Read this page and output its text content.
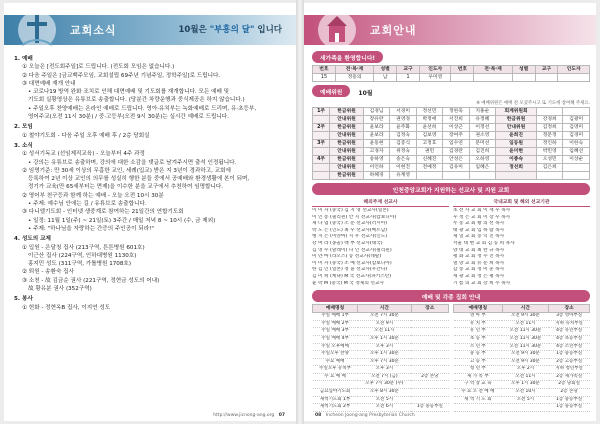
교회소식	10월은 "부흥의 달" 입니다
1. 예배
① 오늘은 [전도회주일]로 드립니다. (전도회 모임은 없습니다.)
② 다음 주일은 [금교백주모임, 교회설립 69주년 기념주일, 정학주일]로 드립니다.
③ 대면예배 재개 안내
• 코로나19 방역 완화 조치로 인해 대면예배 및 기도회를 재개합니다. 모든 예배 및
기도회 실황영상은 유튜브로 송출합니다. (당분간 차량운행과 중식제공은 하지 않습니다.)
• 주일오후 찬양예배는 온라인 예배로 드립니다. 영아·유치부는 녹화예배로 드리며, 유·초등부,
영어주교(오전 11시 30분) / 중·고등부(오전 9시 30분)는 실시간 예배로 드립니다.
2. 모임
① 철야기도회 - 다음 주일 오후 예배 후 / 2층 당회실
3. 소식
① 성서기독교 (선임제직교육) - 오늘부터 4주 과정
• 강의는 유튜브로 송출하며, 강의에 대한 소감을 댓글로 남겨주시면 출석 인정됩니다.
② 임명기준: 만 30세 이상의 무흠한 교인, 세례(입교) 받은 지 3년이 경과하고, 교회에
등록하여 2년 이상 교인의 의무를 성실히 행한 분들 중에서 공예배와 환경생활에 본이 되며,
정기가 교육(만 65세부터는 면제)을 이수한 분을 교구에서 추천하여 임명합니다.
② 영어부 천구등과 함께 하는 예배 - 오늘 오전 10시 30분
• 주제: 예수님 안에는 길 / 유튜브로 송출합니다.
③ 다니엘기도회 - 인터넷 생중계로 참여하는 21일간의 연합기도회
• 일정: 11월 1일(주) ~ 21일(토) 3주간 / 매일 저녁 8 ~ 10시 (수, 금 제외)
• 주제: "하나님을 자랑하는 간증의 주인공이 되라!"
4. 성도의 교제
① 입원 - 은달청 집사 (213구역, 튼튼병원 601호)
이근산 집사 (224구역, 인하대병원 1130호)
홍지민 성도 (311구역, 가톨병원 1708호)
② 퇴원 - 송환숙 집사
③ 소천 - 故 김금순 권사 (221구역, 정현금 성도의 어내)
故 황유분 권사 (352구역)
5. 봉사
① 헌화 - 정현옥B 집사, 이지연 성도
http://www.jicnong-ang.org 07
교회안내
새가족을 환영합니다!
번호	전·목·재	성별	교구	인도자	번호	전·목·재	성별	교구	인도자
15	정동의	남	1	우미영					
예배위원	10월
※ 예배위원은 예배 전 모셨주시고 또 기도에 참여해 주세요.
1주	한금위원	김경님	서경미	정선민	정한욱	지홍순	회계위원회		
	안내위원	장유란	권영경	박정애	서진희	유정혜	한금위원	강경희	김광미
2주	한금위원	윤보라	윤주화	윤선희	이상근	이정선	안내위원	김정희	김영미
	안내위원	윤보라	김정숙	김보영	장여주	권소영	윤희진	정문정	김경미
3주	한금위원	윤동현	김증식	고정호	임수연	문미선	임동원	정인하	이한숙
	안내위원	고경자	위정숙	권민	김경란	김진희	윤미현	박민영	임혜선
4주	한금위원	송하영	송은숙	신혜진	안성은	오하영	이종숙	오성민	이상순
	안내위원	이인하	이현진	전예정	김유미	임혜은	정선희	김은희	
	한금위원	하혜경	유계영						
인천중앙교회가 지원하는 선교사 및 지원 교회
해외주재 선교사
이 미 자 (중국) 김 지 영 선교사(일본)
이 인 봉 (필리핀) 안 지 선교사(캄보디아)
제 나 엽 (중국) 소 문 선교사(러시아)
박 도 은 (인도) 최 우 선교사(베트남)
병 지 은 (미얀마) 지 우 선교사(인도)
강 여 라 (몽골) 백 부 선교사(태국)
김 영 수 (말레이) 다 인 선교사(필리핀)
미 얀 마 (라오스) 동 선교사(네팔)
이 미 자 (중국) 조 예 선교사(캄보디아)
한 김 인 (일본) 정 윤 선교사(우간다)
김 미 희 (케냐) M 국 선교사(파키스탄)
윤 박 M (중국) M 국 정제의 선교사
국내교회 및 해외 선교기관
초 선 사 교 회 이 재 우 목사
우 정 은 교 회 이 장 우 목사
두 봉 교 회 황 의 선 목사
태 광 교 회 임 하 람 목사
제 일 교 회 송 덕 진 목사
서울 대 현 교 회 김 동 희 목사
양 대 교 회 최 완 규 목사
평 화 교 회 정 수 진 목사
열 망 교 회 유 문 희 목사
감 송 교 회 정 미 준 목사
세 광 교 회 정 은 평 목사
기 쁨 의 교 회 강 희 수 목사
예배 및 각종 집회 안내
예배명칭	시간	장소
주일 예배 1부	오전 7시 30분	
주일 예배 2부	오전 9시	
주일 예배 3부	오전 11시	
주일 예배 4부	오후 1시 30분	
주일 오후예배	오후 3시	
주일오후 찬양	오후 1시 30분	
수요 예배	오후 7시 30분	
주일오후 유치부	오후 3시	
수 요 예 배	오전 7시 (금)	2층 본당
	오후 7시 30분 (수)	
금요심야기도회	오후 8시 30분	
새벽기도회 1부	오전 5시	
새벽기도회 2부	오전 6시	1층 중등부실
예배명칭	시간	장소
영 아 부	오전 9시 30분	3층 영아부실
유 치 부	오전 11시	지하 유치부실
유 년 부	오전 11시 30분	4층 유년부실
초 등 부	오전 11시 30분	4층 초등부실
소 년 부	오전 11시 30분	4층 소년부실
중 등 부	오전 9시 30분	1층 중등부실
고 등 부	오전 9시 30분	2층 고등부실
청 년 부	오후 2시	지하 청년부실
새 가 족 부	오전 11시	2층 새가족실
구 역 장 교 육	오후 1시 30분	2층 당회실
수 요 오 전 예 배	오전 10시	2층 본당
새 벽 기 도 회	오전 5시	1층 중등부실
		1층 중등부실
08 Incheon Joong-ang Presbyterian Church
